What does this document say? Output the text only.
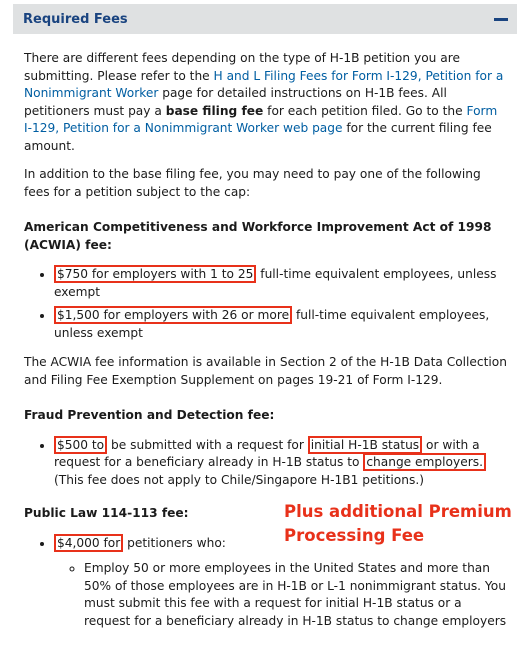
Required Fees

There are different fees depending on the type of H-1B petition you are submitting. Please refer to the H and L Filing Fees for Form I-129, Petition for a Nonimmigrant Worker page for detailed instructions on H-1B fees. All petitioners must pay a base filing fee for each petition filed. Go to the Form I-129, Petition for a Nonimmigrant Worker web page for the current filing fee amount.

In addition to the base filing fee, you may need to pay one of the following fees for a petition subject to the cap:

American Competitiveness and Workforce Improvement Act of 1998 (ACWIA) fee:

• $750 for employers with 1 to 25 full-time equivalent employees, unless exempt
• $1,500 for employers with 26 or more full-time equivalent employees, unless exempt

The ACWIA fee information is available in Section 2 of the H-1B Data Collection and Filing Fee Exemption Supplement on pages 19-21 of Form I-129.

Fraud Prevention and Detection fee:

• $500 to be submitted with a request for initial H-1B status or with a request for a beneficiary already in H-1B status to change employers. (This fee does not apply to Chile/Singapore H-1B1 petitions.)

Public Law 114-113 fee:

• $4,000 for petitioners who:
◦ Employ 50 or more employees in the United States and more than 50% of those employees are in H-1B or L-1 nonimmigrant status. You must submit this fee with a request for initial H-1B status or a request for a beneficiary already in H-1B status to change employers
Plus additional Premium
Processing Fee
